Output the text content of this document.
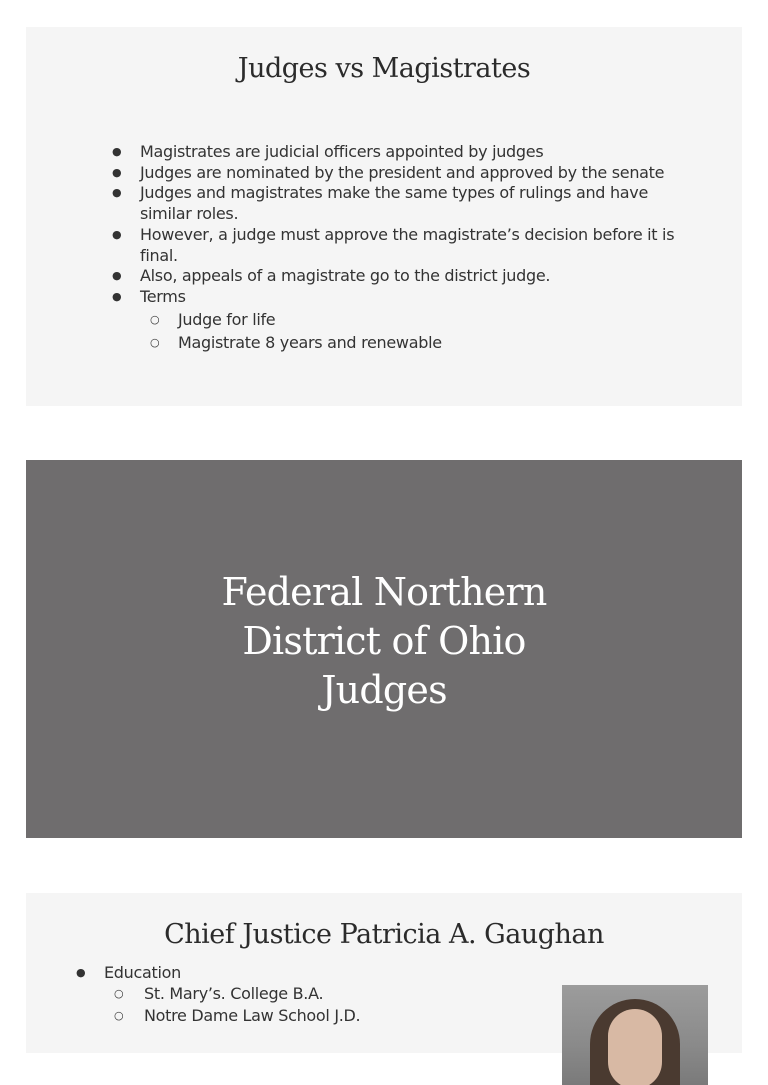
Judges vs Magistrates
● Magistrates are judicial officers appointed by judges
● Judges are nominated by the president and approved by the senate
● Judges and magistrates make the same types of rulings and have similar roles.
● However, a judge must approve the magistrate’s decision before it is final.
● Also, appeals of a magistrate go to the district judge.
● Terms
○ Judge for life
○ Magistrate 8 years and renewable
Federal Northern
District of Ohio
Judges
Chief Justice Patricia A. Gaughan
● Education
○ St. Mary’s. College B.A.
○ Notre Dame Law School J.D.
